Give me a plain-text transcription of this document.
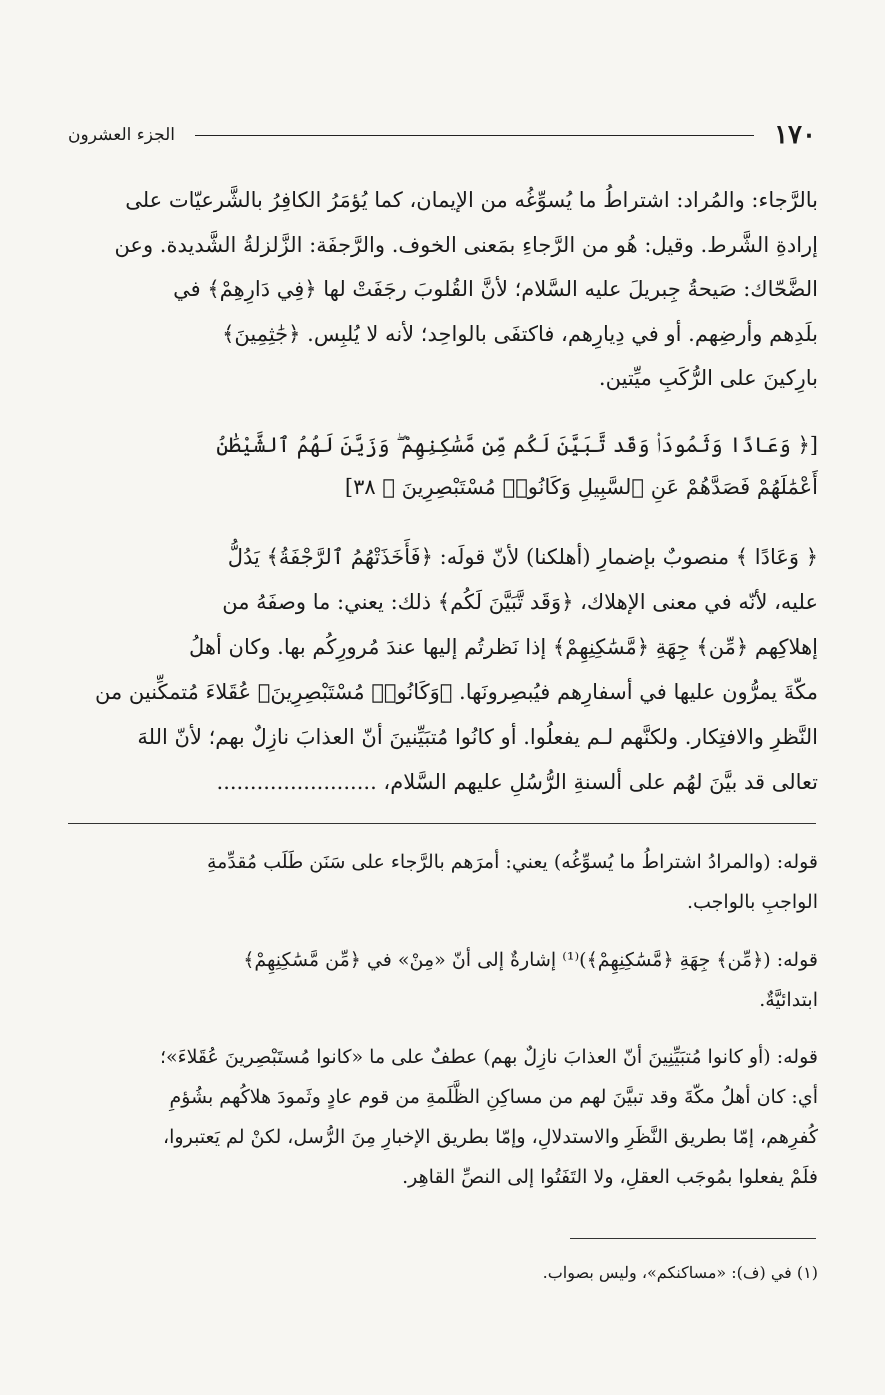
١٧٠
الجزء العشرون
بالرَّجاء: والمُراد: اشتراطُ ما يُسوِّغُه من الإيمان، كما يُؤمَرُ الكافِرُ بالشَّرعيّات على
إرادةِ الشَّرط. وقيل: هُو من الرَّجاءِ بمَعنى الخوف. والرَّجفَة: الزَّلزلةُ الشَّديدة. وعن
الضَّحّاك: صَيحةُ جِبريلَ عليه السَّلام؛ لأنَّ القُلوبَ رجَفَتْ لها ﴿فِي دَارِهِمْ﴾ في
بلَدِهم وأرضِهم. أو في دِيارِهم، فاكتفَى بالواحِد؛ لأنه لا يُلبِس. ﴿جَٰثِمِينَ﴾
بارِكينَ على الرُّكَبِ ميِّتين.
[﴿ وَعَادًا وَثَمُودَا۟ وَقَد تَّبَيَّنَ لَكُم مِّن مَّسَٰكِنِهِمْ ۖ وَزَيَّنَ لَهُمُ ٱلشَّيْطَٰنُ
أَعْمَٰلَهُمْ فَصَدَّهُمْ عَنِ ٱلسَّبِيلِ وَكَانُوا۟ مُسْتَبْصِرِينَ ﴾ ٣٨]
﴿ وَعَادًا ﴾ منصوبٌ بإضمارِ (أهلكنا) لأنّ قولَه: ﴿فَأَخَذَتْهُمُ ٱلرَّجْفَةُ﴾ يَدُلُّ
عليه، لأنّه في معنى الإهلاك، ﴿وَقَد تَّبَيَّنَ لَكُم﴾ ذلك: يعني: ما وصفَهُ من
إهلاكِهم ﴿مِّن﴾ جِهَةِ ﴿مَّسَٰكِنِهِمْ﴾ إذا نَظرتُم إليها عندَ مُرورِكُم بها. وكان أهلُ
مكّةَ يمرُّون عليها في أسفارِهم فيُبصِرونَها. ﴿وَكَانُوا۟ مُسْتَبْصِرِينَ﴾ عُقَلاءَ مُتمكِّنين من
النَّظرِ والافتِكار. ولكنَّهم لـم يفعلُوا. أو كانُوا مُتبَيِّنينَ أنّ العذابَ نازِلٌ بهم؛ لأنّ اللهَ
تعالى قد بيَّنَ لهُم على ألسنةِ الرُّسُلِ عليهم السَّلام، ........................
قوله: (والمرادُ اشتراطُ ما يُسوِّغُه) يعني: أمرَهم بالرَّجاء على سَنَن طَلَب مُقدِّمةِ
الواجبِ بالواجب.
قوله: (﴿مِّن﴾ جِهَةِ ﴿مَّسَٰكِنِهِمْ﴾)⁽¹⁾ إشارةٌ إلى أنّ «مِنْ» في ﴿مِّن مَّسَٰكِنِهِمْ﴾
ابتدائيَّةٌ.
قوله: (أو كانوا مُتبَيِّنِينَ أنّ العذابَ نازِلٌ بهم) عطفٌ على ما «كانوا مُستَبْصِرينَ عُقَلاءَ»؛
أي: كان أهلُ مكّةَ وقد تبيَّنَ لهم من مساكِنِ الظَّلَمةِ من قوم عادٍ وثَمودَ هلاكُهم بشُؤمِ
كُفرِهم، إمّا بطريق النَّظَرِ والاستدلالِ، وإمّا بطريق الإخبارِ مِنَ الرُّسل، لكنْ لم يَعتبروا،
فلَمْ يفعلوا بمُوجَب العقلِ، ولا التَفَتُوا إلى النصِّ القاهِر.
(١) في (ف): «مساكنكم»، وليس بصواب.
